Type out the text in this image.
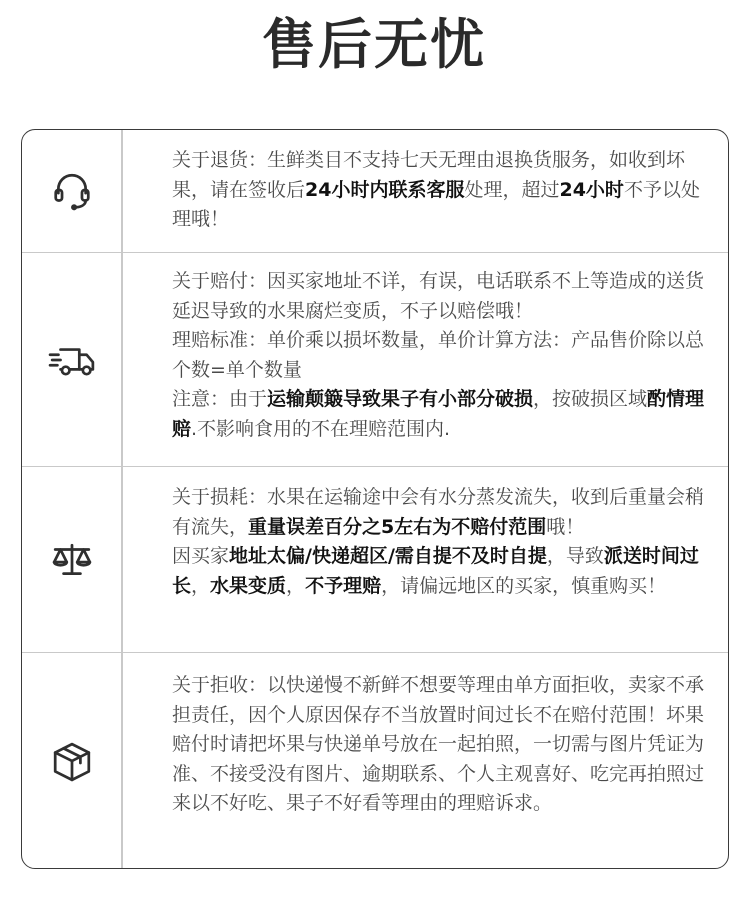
售后无忧
关于退货：生鲜类目不支持七天无理由退换货服务，如收到坏果，请在签收后24小时内联系客服处理，超过24小时不予以处理哦！
关于赔付：因买家地址不详，有误，电话联系不上等造成的送货延迟导致的水果腐烂变质，不子以赔偿哦！
理赔标准：单价乘以损坏数量，单价计算方法：产品售价除以总个数=单个数量
注意：由于运输颠簸导致果子有小部分破损，按破损区域酌情理赔.不影响食用的不在理赔范围内.
关于损耗：水果在运输途中会有水分蒸发流失，收到后重量会稍有流失，重量误差百分之5左右为不赔付范围哦！
因买家地址太偏/快递超区/需自提不及时自提，导致派送时间过长，水果变质，不予理赔，请偏远地区的买家，慎重购买！
关于拒收：以快递慢不新鲜不想要等理由单方面拒收，卖家不承担责任，因个人原因保存不当放置时间过长不在赔付范围！坏果赔付时请把坏果与快递单号放在一起拍照，一切需与图片凭证为准、不接受没有图片、逾期联系、个人主观喜好、吃完再拍照过来以不好吃、果子不好看等理由的理赔诉求。
